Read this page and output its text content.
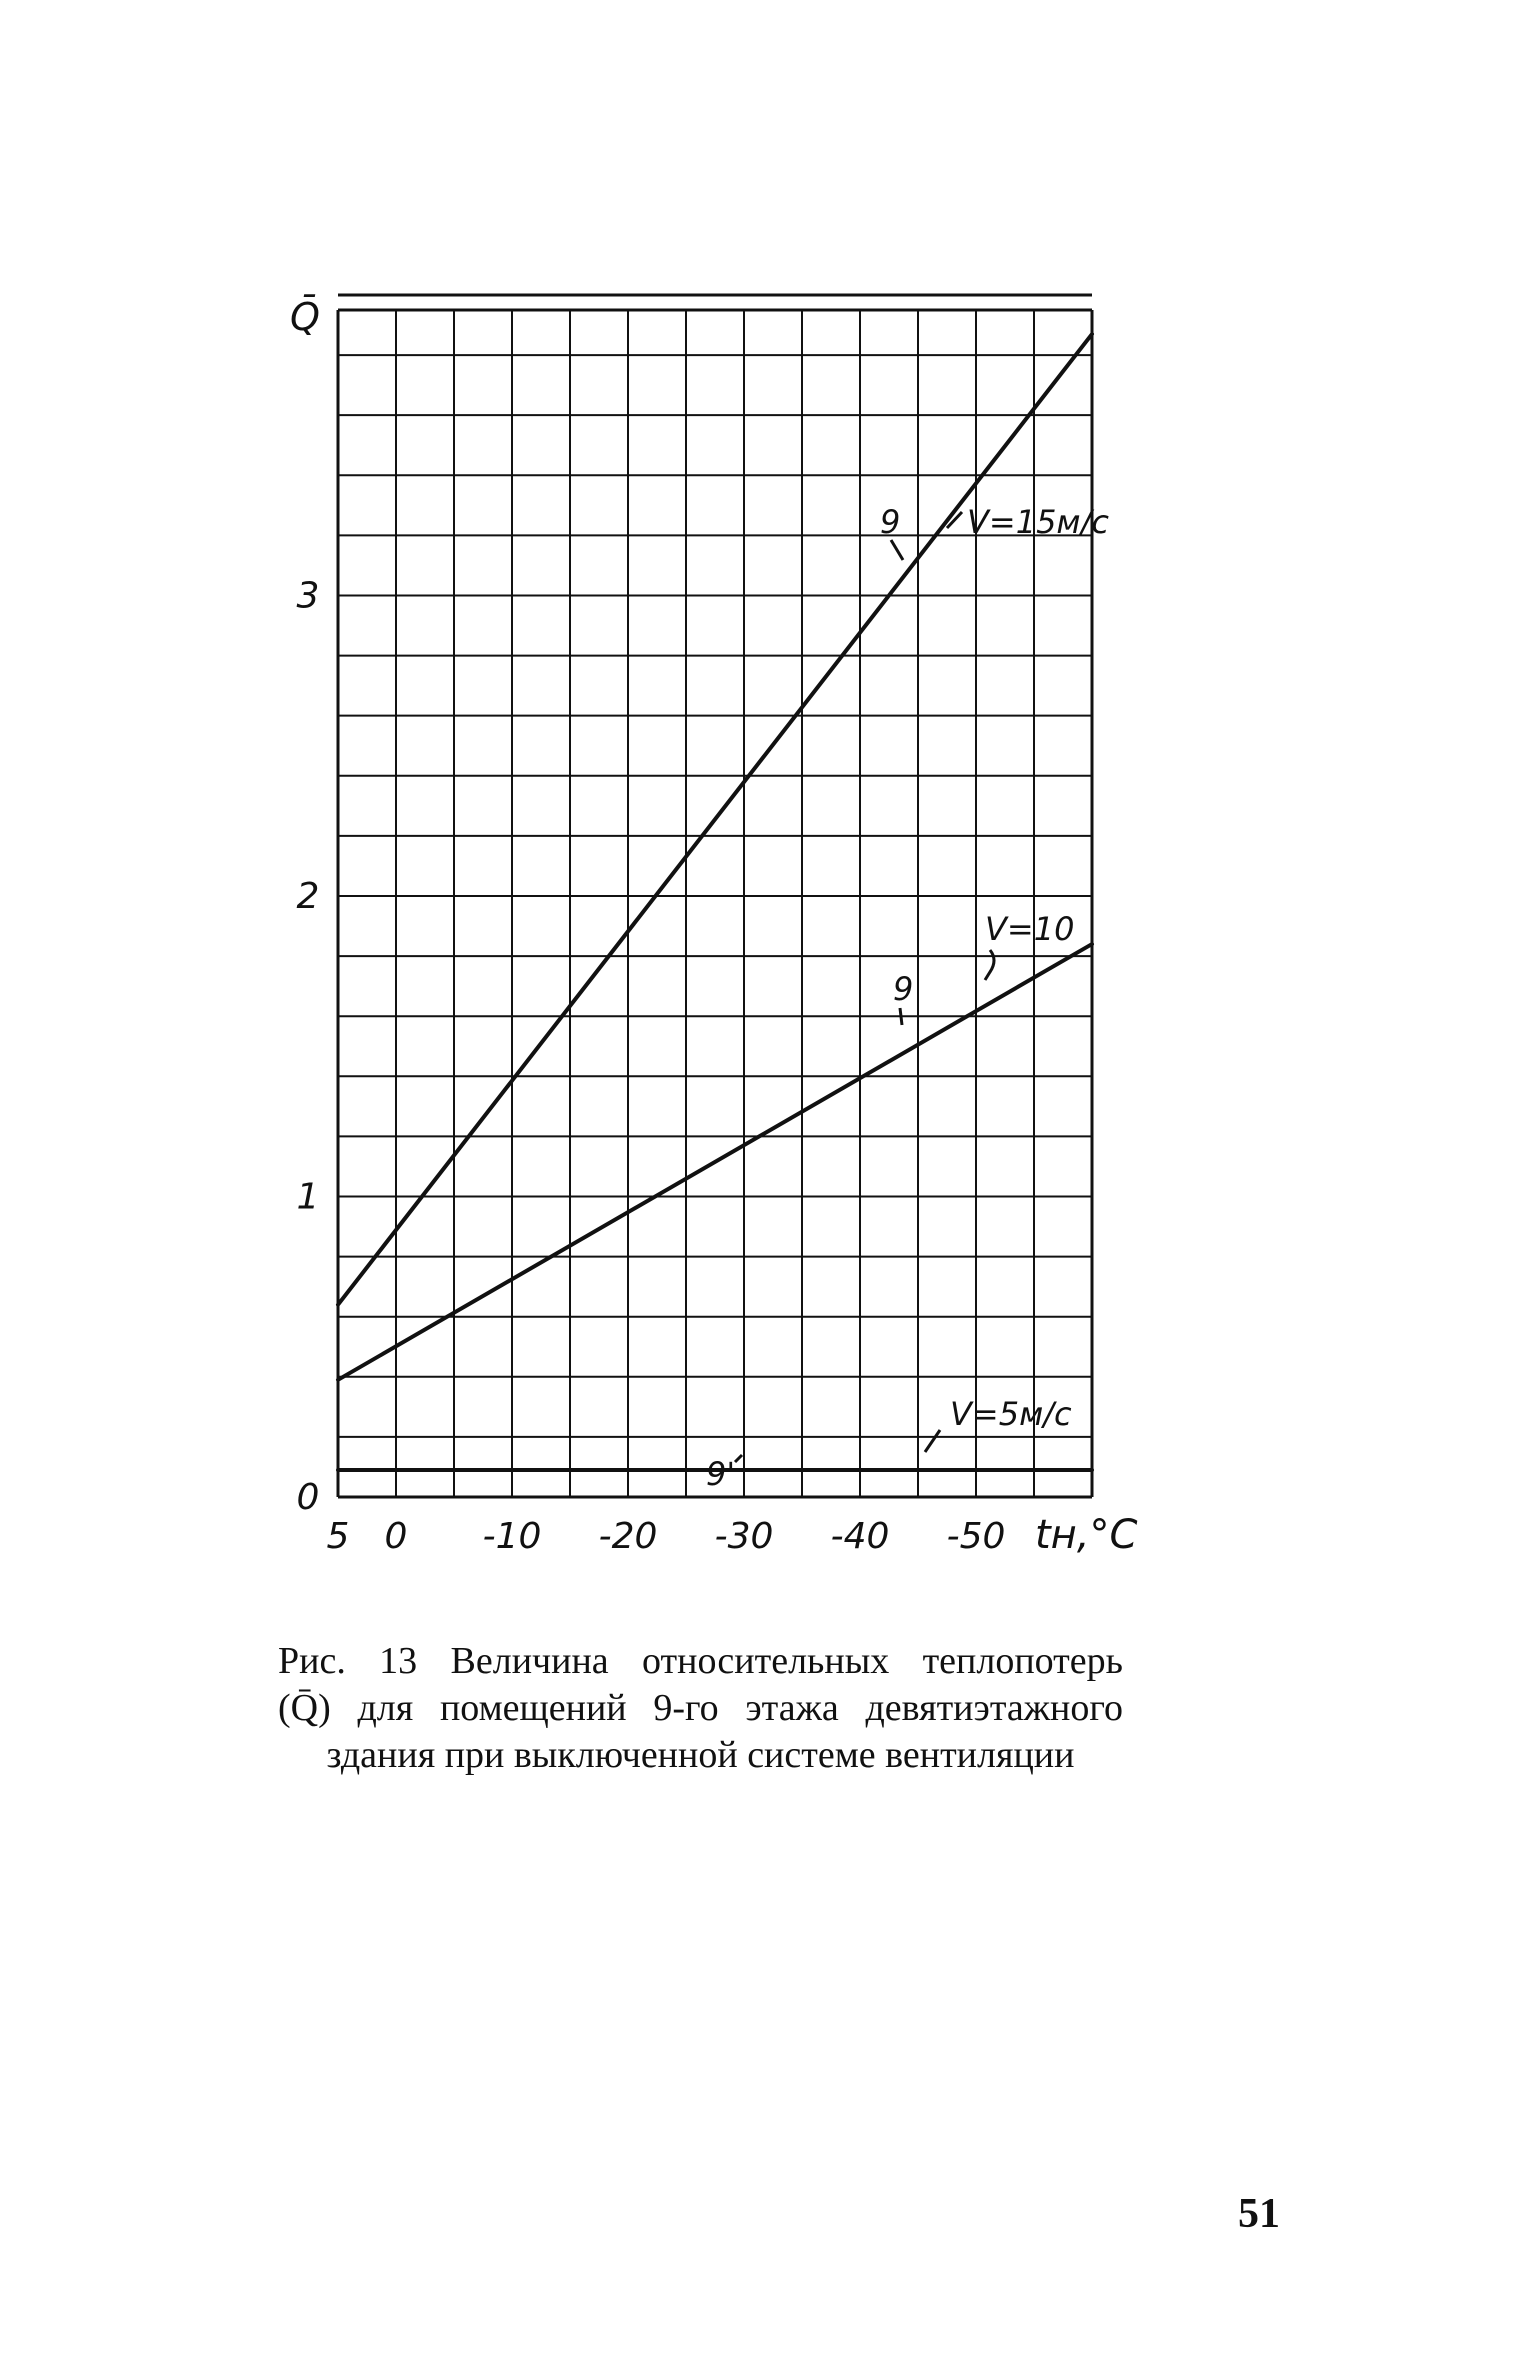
5 0 -10 -20 -30 -40 -50
0
1
2
3
Q̄
tн,°C
V=15м/с
9
V=10
9
V=5м/с
9'
Рис. 13 Величина относительных теплопотерь
(Q̄) для помещений 9-го этажа девятиэтажного
здания при выключенной системе вентиляции
51
